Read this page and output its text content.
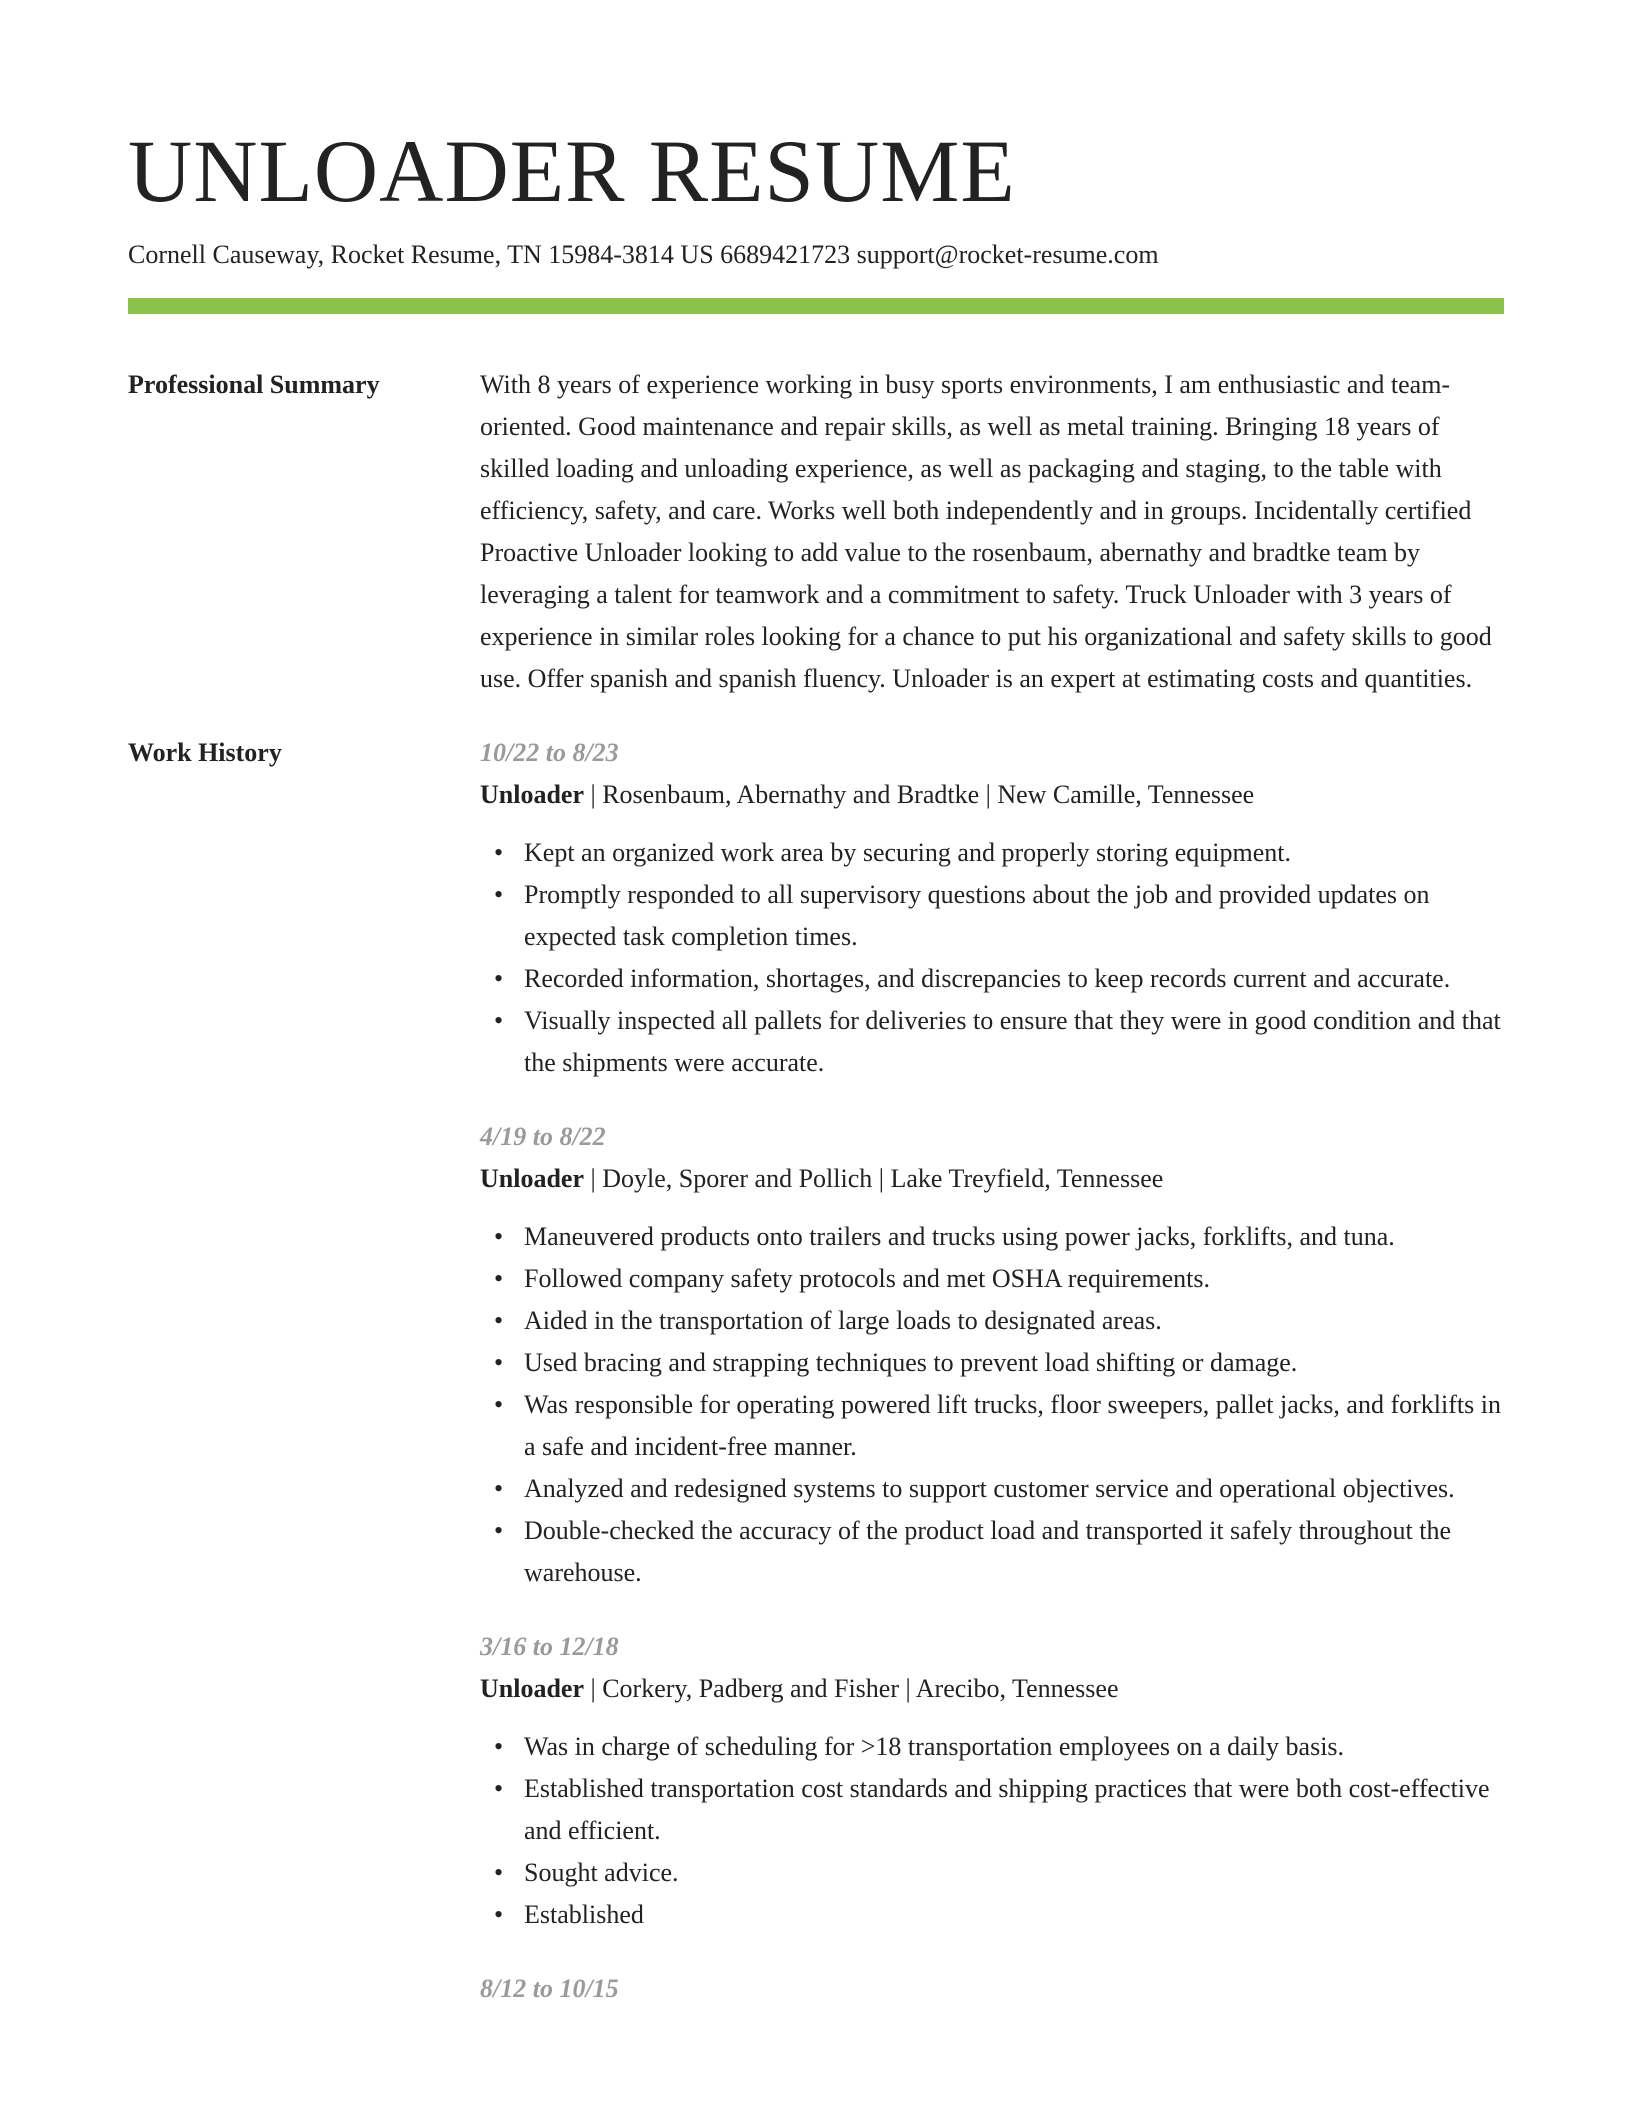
UNLOADER RESUME
Cornell Causeway, Rocket Resume, TN 15984-3814 US 6689421723 support@rocket-resume.com
Professional Summary	With 8 years of experience working in busy sports environments, I am enthusiastic and team-oriented. Good maintenance and repair skills, as well as metal training. Bringing 18 years of skilled loading and unloading experience, as well as packaging and staging, to the table with efficiency, safety, and care. Works well both independently and in groups. Incidentally certified Proactive Unloader looking to add value to the rosenbaum, abernathy and bradtke team by leveraging a talent for teamwork and a commitment to safety. Truck Unloader with 3 years of experience in similar roles looking for a chance to put his organizational and safety skills to good use. Offer spanish and spanish fluency. Unloader is an expert at estimating costs and quantities.

Work History	10/22 to 8/23
Unloader | Rosenbaum, Abernathy and Bradtke | New Camille, Tennessee
• Kept an organized work area by securing and properly storing equipment.
• Promptly responded to all supervisory questions about the job and provided updates on expected task completion times.
• Recorded information, shortages, and discrepancies to keep records current and accurate.
• Visually inspected all pallets for deliveries to ensure that they were in good condition and that the shipments were accurate.
4/19 to 8/22
Unloader | Doyle, Sporer and Pollich | Lake Treyfield, Tennessee
• Maneuvered products onto trailers and trucks using power jacks, forklifts, and tuna.
• Followed company safety protocols and met OSHA requirements.
• Aided in the transportation of large loads to designated areas.
• Used bracing and strapping techniques to prevent load shifting or damage.
• Was responsible for operating powered lift trucks, floor sweepers, pallet jacks, and forklifts in a safe and incident-free manner.
• Analyzed and redesigned systems to support customer service and operational objectives.
• Double-checked the accuracy of the product load and transported it safely throughout the warehouse.
3/16 to 12/18
Unloader | Corkery, Padberg and Fisher | Arecibo, Tennessee
• Was in charge of scheduling for >18 transportation employees on a daily basis.
• Established transportation cost standards and shipping practices that were both cost-effective and efficient.
• Sought advice.
• Established
8/12 to 10/15
